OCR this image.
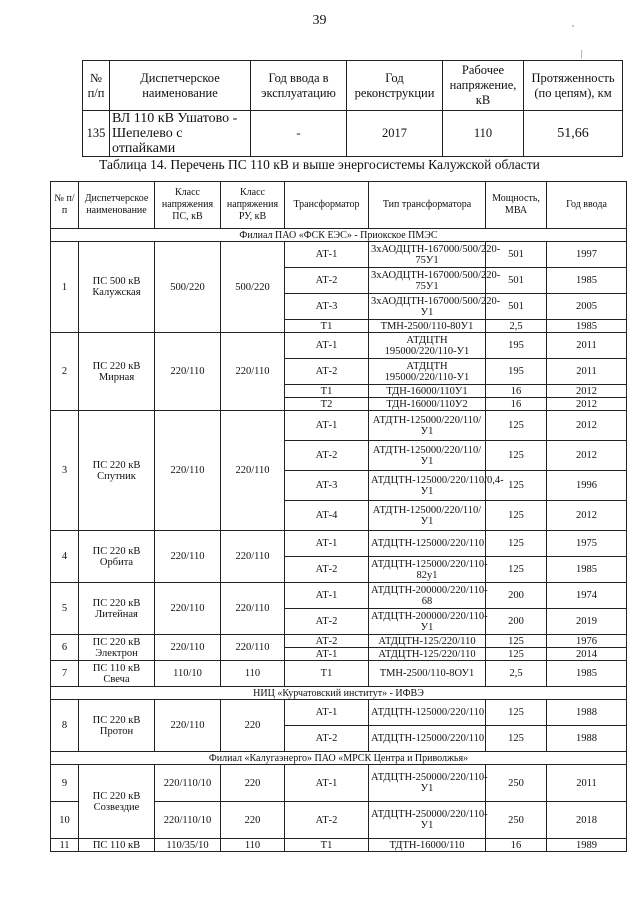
39
'
\
№ п/п	Диспетчерское наименование	Год ввода в эксплуатацию	Год реконструкции	Рабочее напряжение, кВ	Протяженность (по цепям), км
135	ВЛ 110 кВ Ушатово - Шепелево с отпайками	-	2017	110	51,66
Таблица 14. Перечень ПС 110 кВ и выше энергосистемы Калужской области
№ п/п	Диспетчерское наименование	Класс напряжения ПС, кВ	Класс напряжения РУ, кВ	Трансформатор	Тип трансформатора	Мощность, МВА	Год ввода
Филиал ПАО «ФСК ЕЭС» - Приокское ПМЭС							
1	ПС 500 кВ Калужская	500/220	500/220	АТ-1	3хАОДЦТН-167000/500/220-75У1	501	1997
				АТ-2	3хАОДЦТН-167000/500/220-75У1	501	1985
				АТ-3	3хАОДЦТН-167000/500/220-У1	501	2005
				Т1	ТМН-2500/110-80У1	2,5	1985
2	ПС 220 кВ Мирная	220/110	220/110	АТ-1	АТДЦТН 195000/220/110-У1	195	2011
				АТ-2	АТДЦТН 195000/220/110-У1	195	2011
				Т1	ТДН-16000/110У1	16	2012
				Т2	ТДН-16000/110У2	16	2012
3	ПС 220 кВ Спутник	220/110	220/110	АТ-1	АТДТН-125000/220/110/У1	125	2012
				АТ-2	АТДТН-125000/220/110/У1	125	2012
				АТ-3	АТДЦТН-125000/220/110/0,4-У1	125	1996
				АТ-4	АТДТН-125000/220/110/У1	125	2012
4	ПС 220 кВ Орбита	220/110	220/110	АТ-1	АТДЦТН-125000/220/110	125	1975
				АТ-2	АТДЦТН-125000/220/110-82у1	125	1985
5	ПС 220 кВ Литейная	220/110	220/110	АТ-1	АТДЦТН-200000/220/110-68	200	1974
				АТ-2	АТДЦТН-200000/220/110-У1	200	2019
6	ПС 220 кВ Электрон	220/110	220/110	АТ-2	АТДЦТН-125/220/110	125	1976
				АТ-1	АТДЦТН-125/220/110	125	2014
7	ПС 110 кВ Свеча	110/10	110	Т1	ТМН-2500/110-8ОУ1	2,5	1985
НИЦ «Курчатовский институт» - ИФВЭ							
8	ПС 220 кВ Протон	220/110	220	АТ-1	АТДЦТН-125000/220/110	125	1988
				АТ-2	АТДЦТН-125000/220/110	125	1988
Филиал «Калугаэнерго» ПАО «МРСК Центра и Приволжья»							
9	ПС 220 кВ Созвездие	220/110/10	220	АТ-1	АТДЦТН-250000/220/110-У1	250	2011
10		220/110/10	220	АТ-2	АТДЦТН-250000/220/110-У1	250	2018
11	ПС 110 кВ	110/35/10	110	Т1	ТДТН-16000/110	16	1989
